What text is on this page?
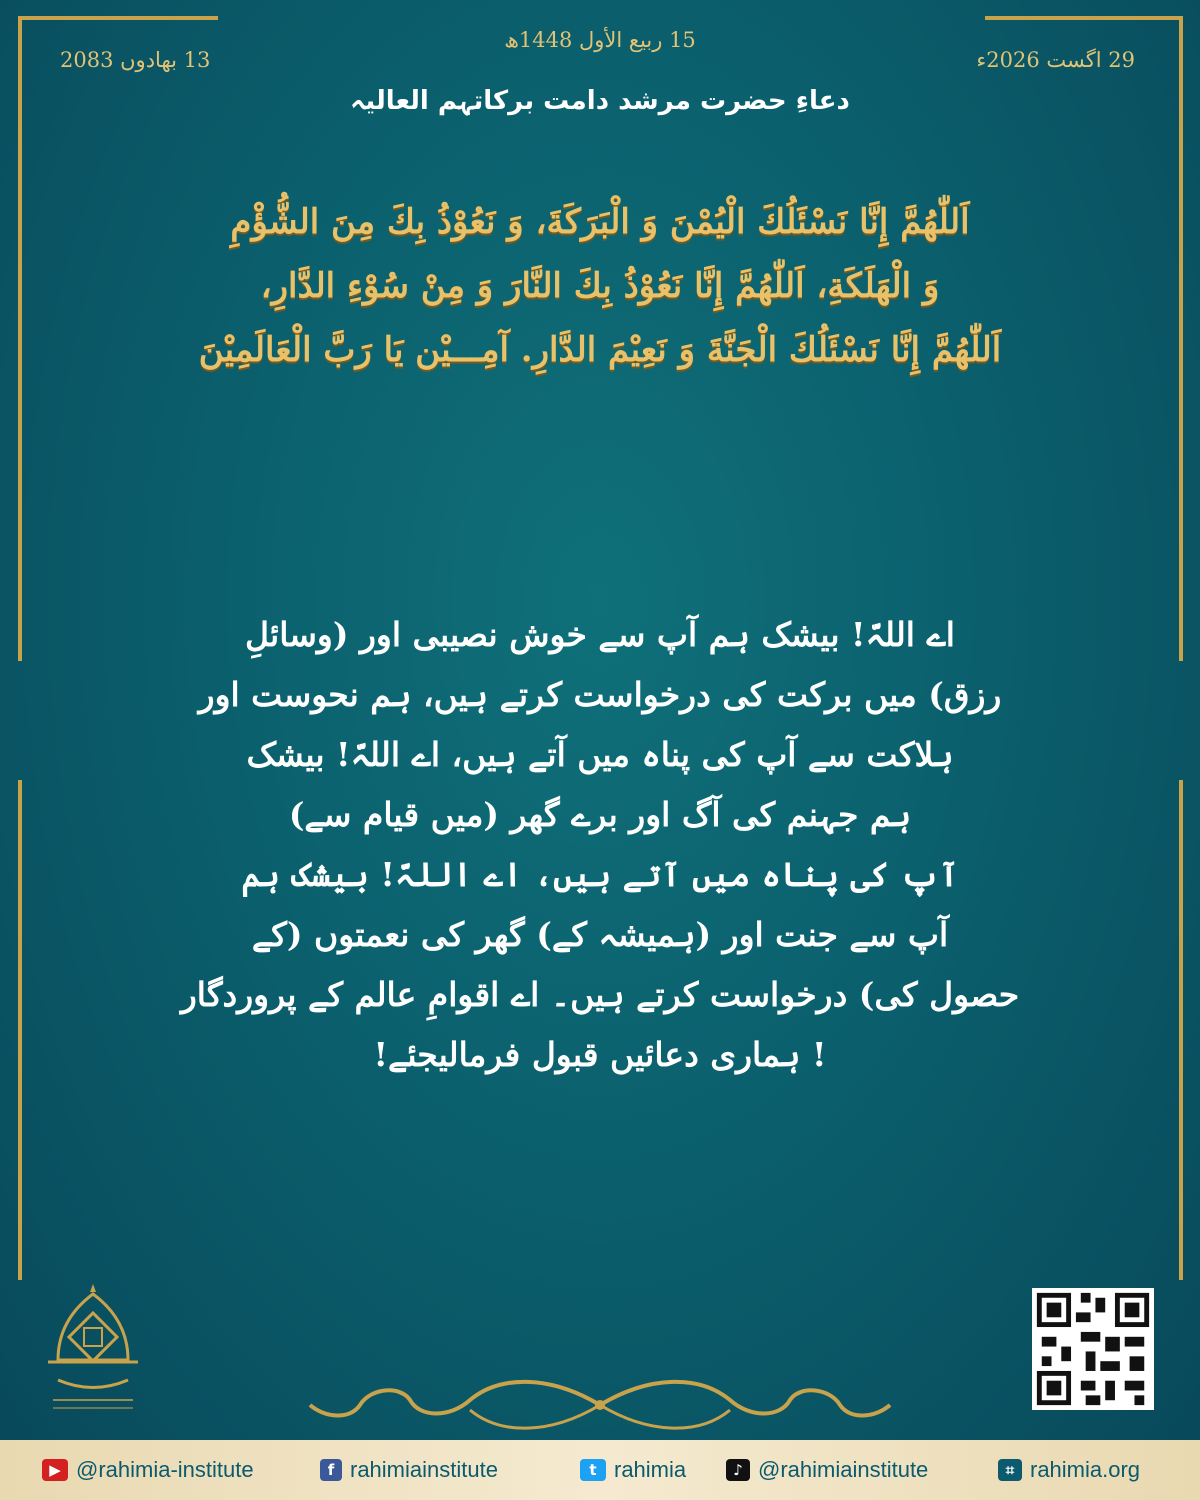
15 ربیع الأول 1448ھ
29 اگست 2026ء
13 بھادوں 2083
دعاءِ حضرت مرشد دامت برکاتہم العالیہ
اَللّٰهُمَّ إِنَّا نَسْئَلُكَ الْيُمْنَ وَ الْبَرَكَةَ، وَ نَعُوْذُ بِكَ مِنَ الشُّؤْمِ
وَ الْهَلَكَةِ، اَللّٰهُمَّ إِنَّا نَعُوْذُ بِكَ النَّارَ وَ مِنْ سُوْءِ الدَّارِ،
اَللّٰهُمَّ إِنَّا نَسْئَلُكَ الْجَنَّةَ وَ نَعِيْمَ الدَّارِ. آمِـــيْن يَا رَبَّ الْعَالَمِيْنَ
اے اللہّ! بیشک ہم آپ سے خوش نصیبی اور (وسائلِ
رزق) میں برکت کی درخواست کرتے ہیں، ہم نحوست اور
ہلاکت سے آپ کی پناہ میں آتے ہیں، اے اللہّ! بیشک
ہم جہنم کی آگ اور برے گھر (میں قیام سے)
آپ کی پناہ میں آتے ہیں، اے اللہّ! بیشک ہم
آپ سے جنت اور (ہمیشہ کے) گھر کی نعمتوں (کے
حصول کی) درخواست کرتے ہیں۔ اے اقوامِ عالم کے پروردگار
! ہماری دعائیں قبول فرمالیجئے!
▶ @rahimia-institute	f rahimiainstitute	t rahimia	♪ @rahimiainstitute	⌗ rahimia.org
